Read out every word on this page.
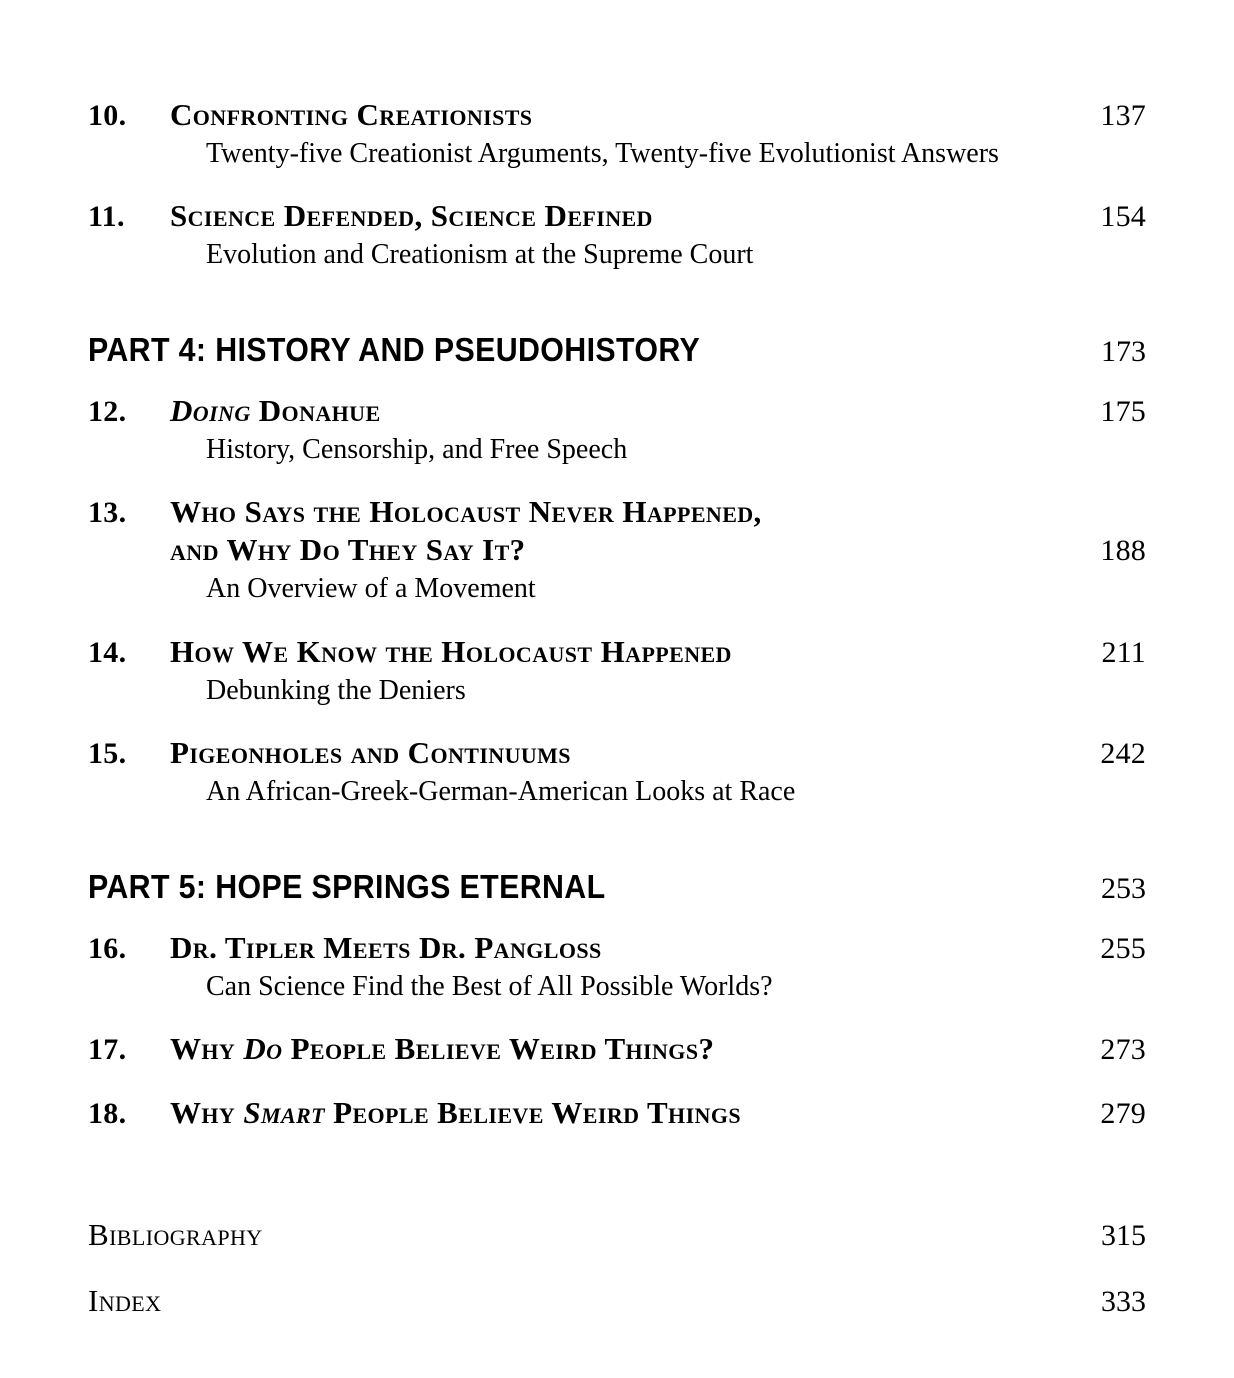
10.	Confronting Creationists	137
Twenty-five Creationist Arguments, Twenty-five Evolutionist Answers
11.	Science Defended, Science Defined	154
Evolution and Creationism at the Supreme Court
PART 4: HISTORY AND PSEUDOHISTORY	173
12.	Doing Donahue	175
History, Censorship, and Free Speech
13.	Who Says the Holocaust Never Happened,

and Why Do They Say It?	188
An Overview of a Movement
14.	How We Know the Holocaust Happened	211
Debunking the Deniers
15.	Pigeonholes and Continuums	242
An African-Greek-German-American Looks at Race
PART 5: HOPE SPRINGS ETERNAL	253
16.	Dr. Tipler Meets Dr. Pangloss	255
Can Science Find the Best of All Possible Worlds?
17.	Why Do People Believe Weird Things?	273
18.	Why Smart People Believe Weird Things	279
Bibliography	315
Index	333
